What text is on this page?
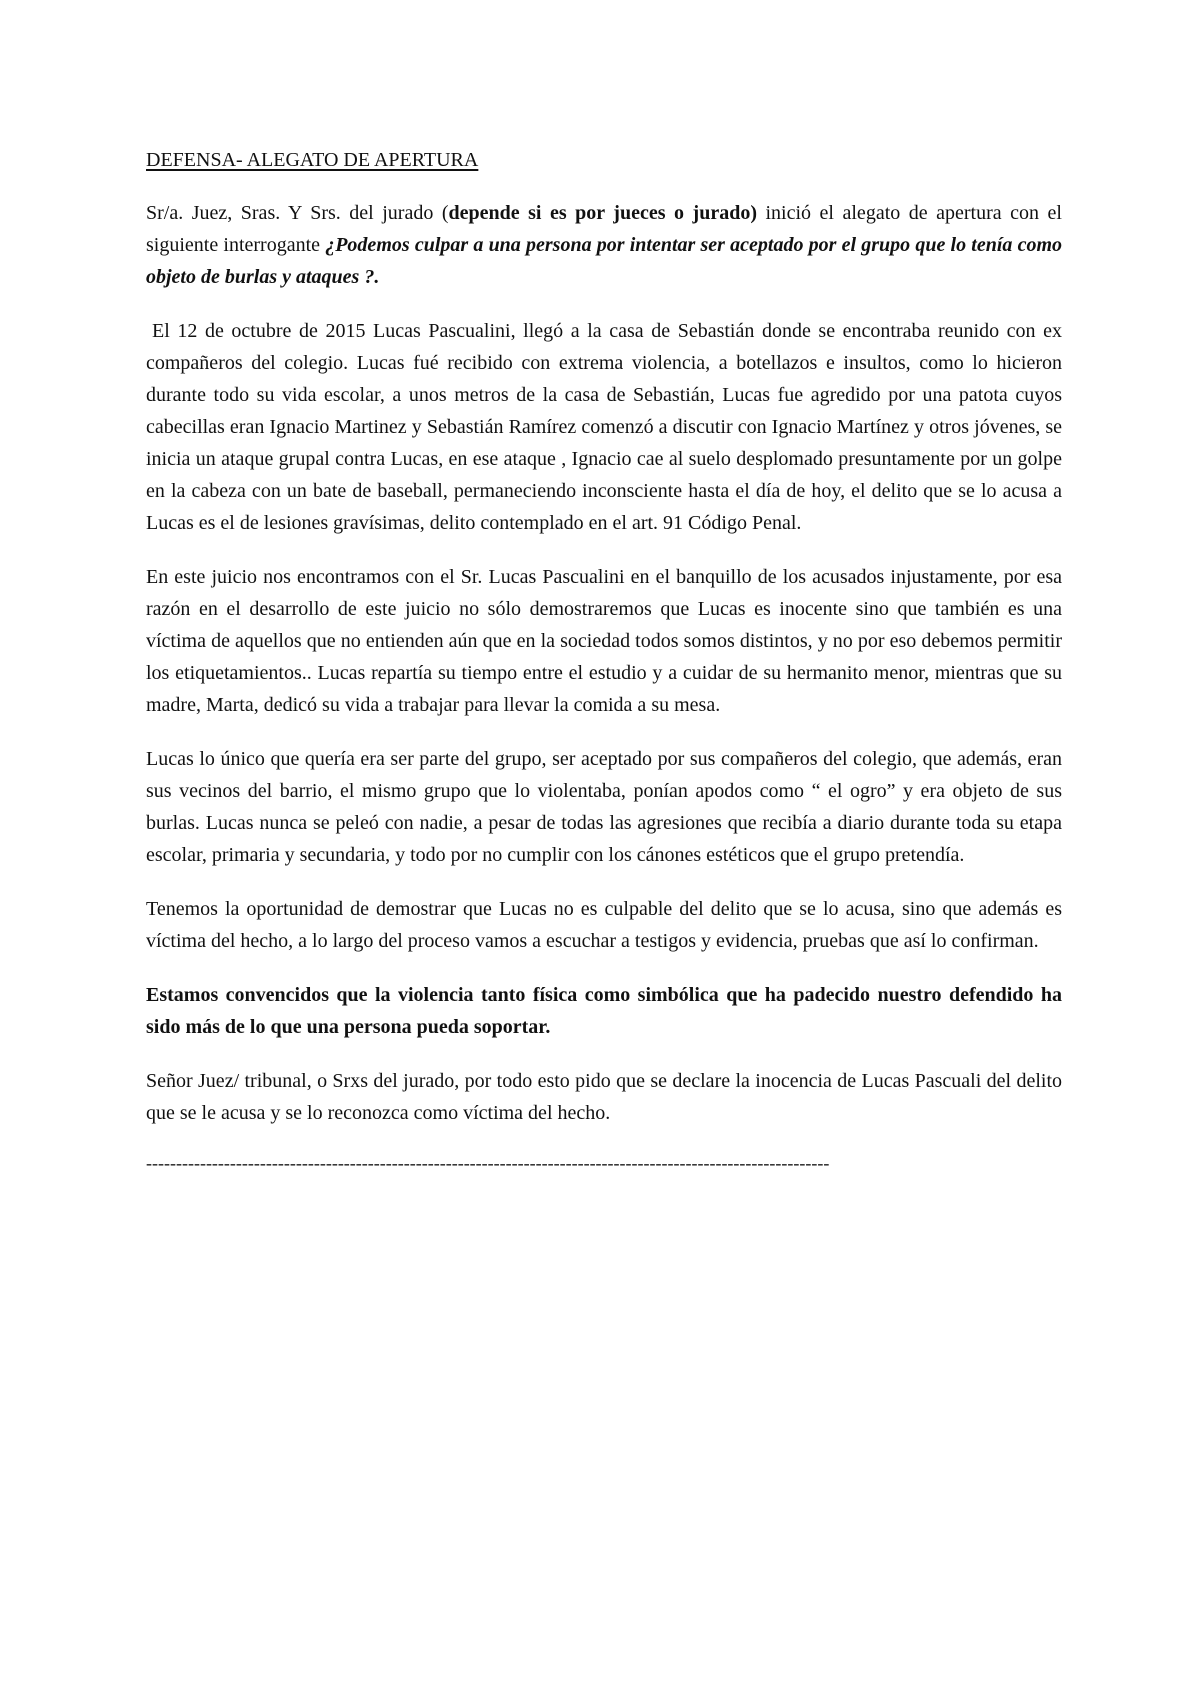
DEFENSA- ALEGATO DE APERTURA

Sr/a. Juez, Sras. Y Srs. del jurado (depende si es por jueces o jurado) inició el alegato de apertura con el siguiente interrogante ¿Podemos culpar a una persona por intentar ser aceptado por el grupo que lo tenía como objeto de burlas y ataques ?.

El 12 de octubre de 2015 Lucas Pascualini, llegó a la casa de Sebastián donde se encontraba reunido con ex compañeros del colegio. Lucas fué recibido con extrema violencia, a botellazos e insultos, como lo hicieron durante todo su vida escolar, a unos metros de la casa de Sebastián, Lucas fue agredido por una patota cuyos cabecillas eran Ignacio Martinez y Sebastián Ramírez comenzó a discutir con Ignacio Martínez y otros jóvenes, se inicia un ataque grupal contra Lucas, en ese ataque , Ignacio cae al suelo desplomado presuntamente por un golpe en la cabeza con un bate de baseball, permaneciendo inconsciente hasta el día de hoy, el delito que se lo acusa a Lucas es el de lesiones gravísimas, delito contemplado en el art. 91 Código Penal.

En este juicio nos encontramos con el Sr. Lucas Pascualini en el banquillo de los acusados injustamente, por esa razón en el desarrollo de este juicio no sólo demostraremos que Lucas es inocente sino que también es una víctima de aquellos que no entienden aún que en la sociedad todos somos distintos, y no por eso debemos permitir los etiquetamientos.. Lucas repartía su tiempo entre el estudio y a cuidar de su hermanito menor, mientras que su madre, Marta, dedicó su vida a trabajar para llevar la comida a su mesa.

Lucas lo único que quería era ser parte del grupo, ser aceptado por sus compañeros del colegio, que además, eran sus vecinos del barrio, el mismo grupo que lo violentaba, ponían apodos como “ el ogro” y era objeto de sus burlas. Lucas nunca se peleó con nadie, a pesar de todas las agresiones que recibía a diario durante toda su etapa escolar, primaria y secundaria, y todo por no cumplir con los cánones estéticos que el grupo pretendía.

Tenemos la oportunidad de demostrar que Lucas no es culpable del delito que se lo acusa, sino que además es víctima del hecho, a lo largo del proceso vamos a escuchar a testigos y evidencia, pruebas que así lo confirman.

Estamos convencidos que la violencia tanto física como simbólica que ha padecido nuestro defendido ha sido más de lo que una persona pueda soportar.

Señor Juez/ tribunal, o Srxs del jurado, por todo esto pido que se declare la inocencia de Lucas Pascuali del delito que se le acusa y se lo reconozca como víctima del hecho.

------------------------------------------------------------------------------------------------------------------
